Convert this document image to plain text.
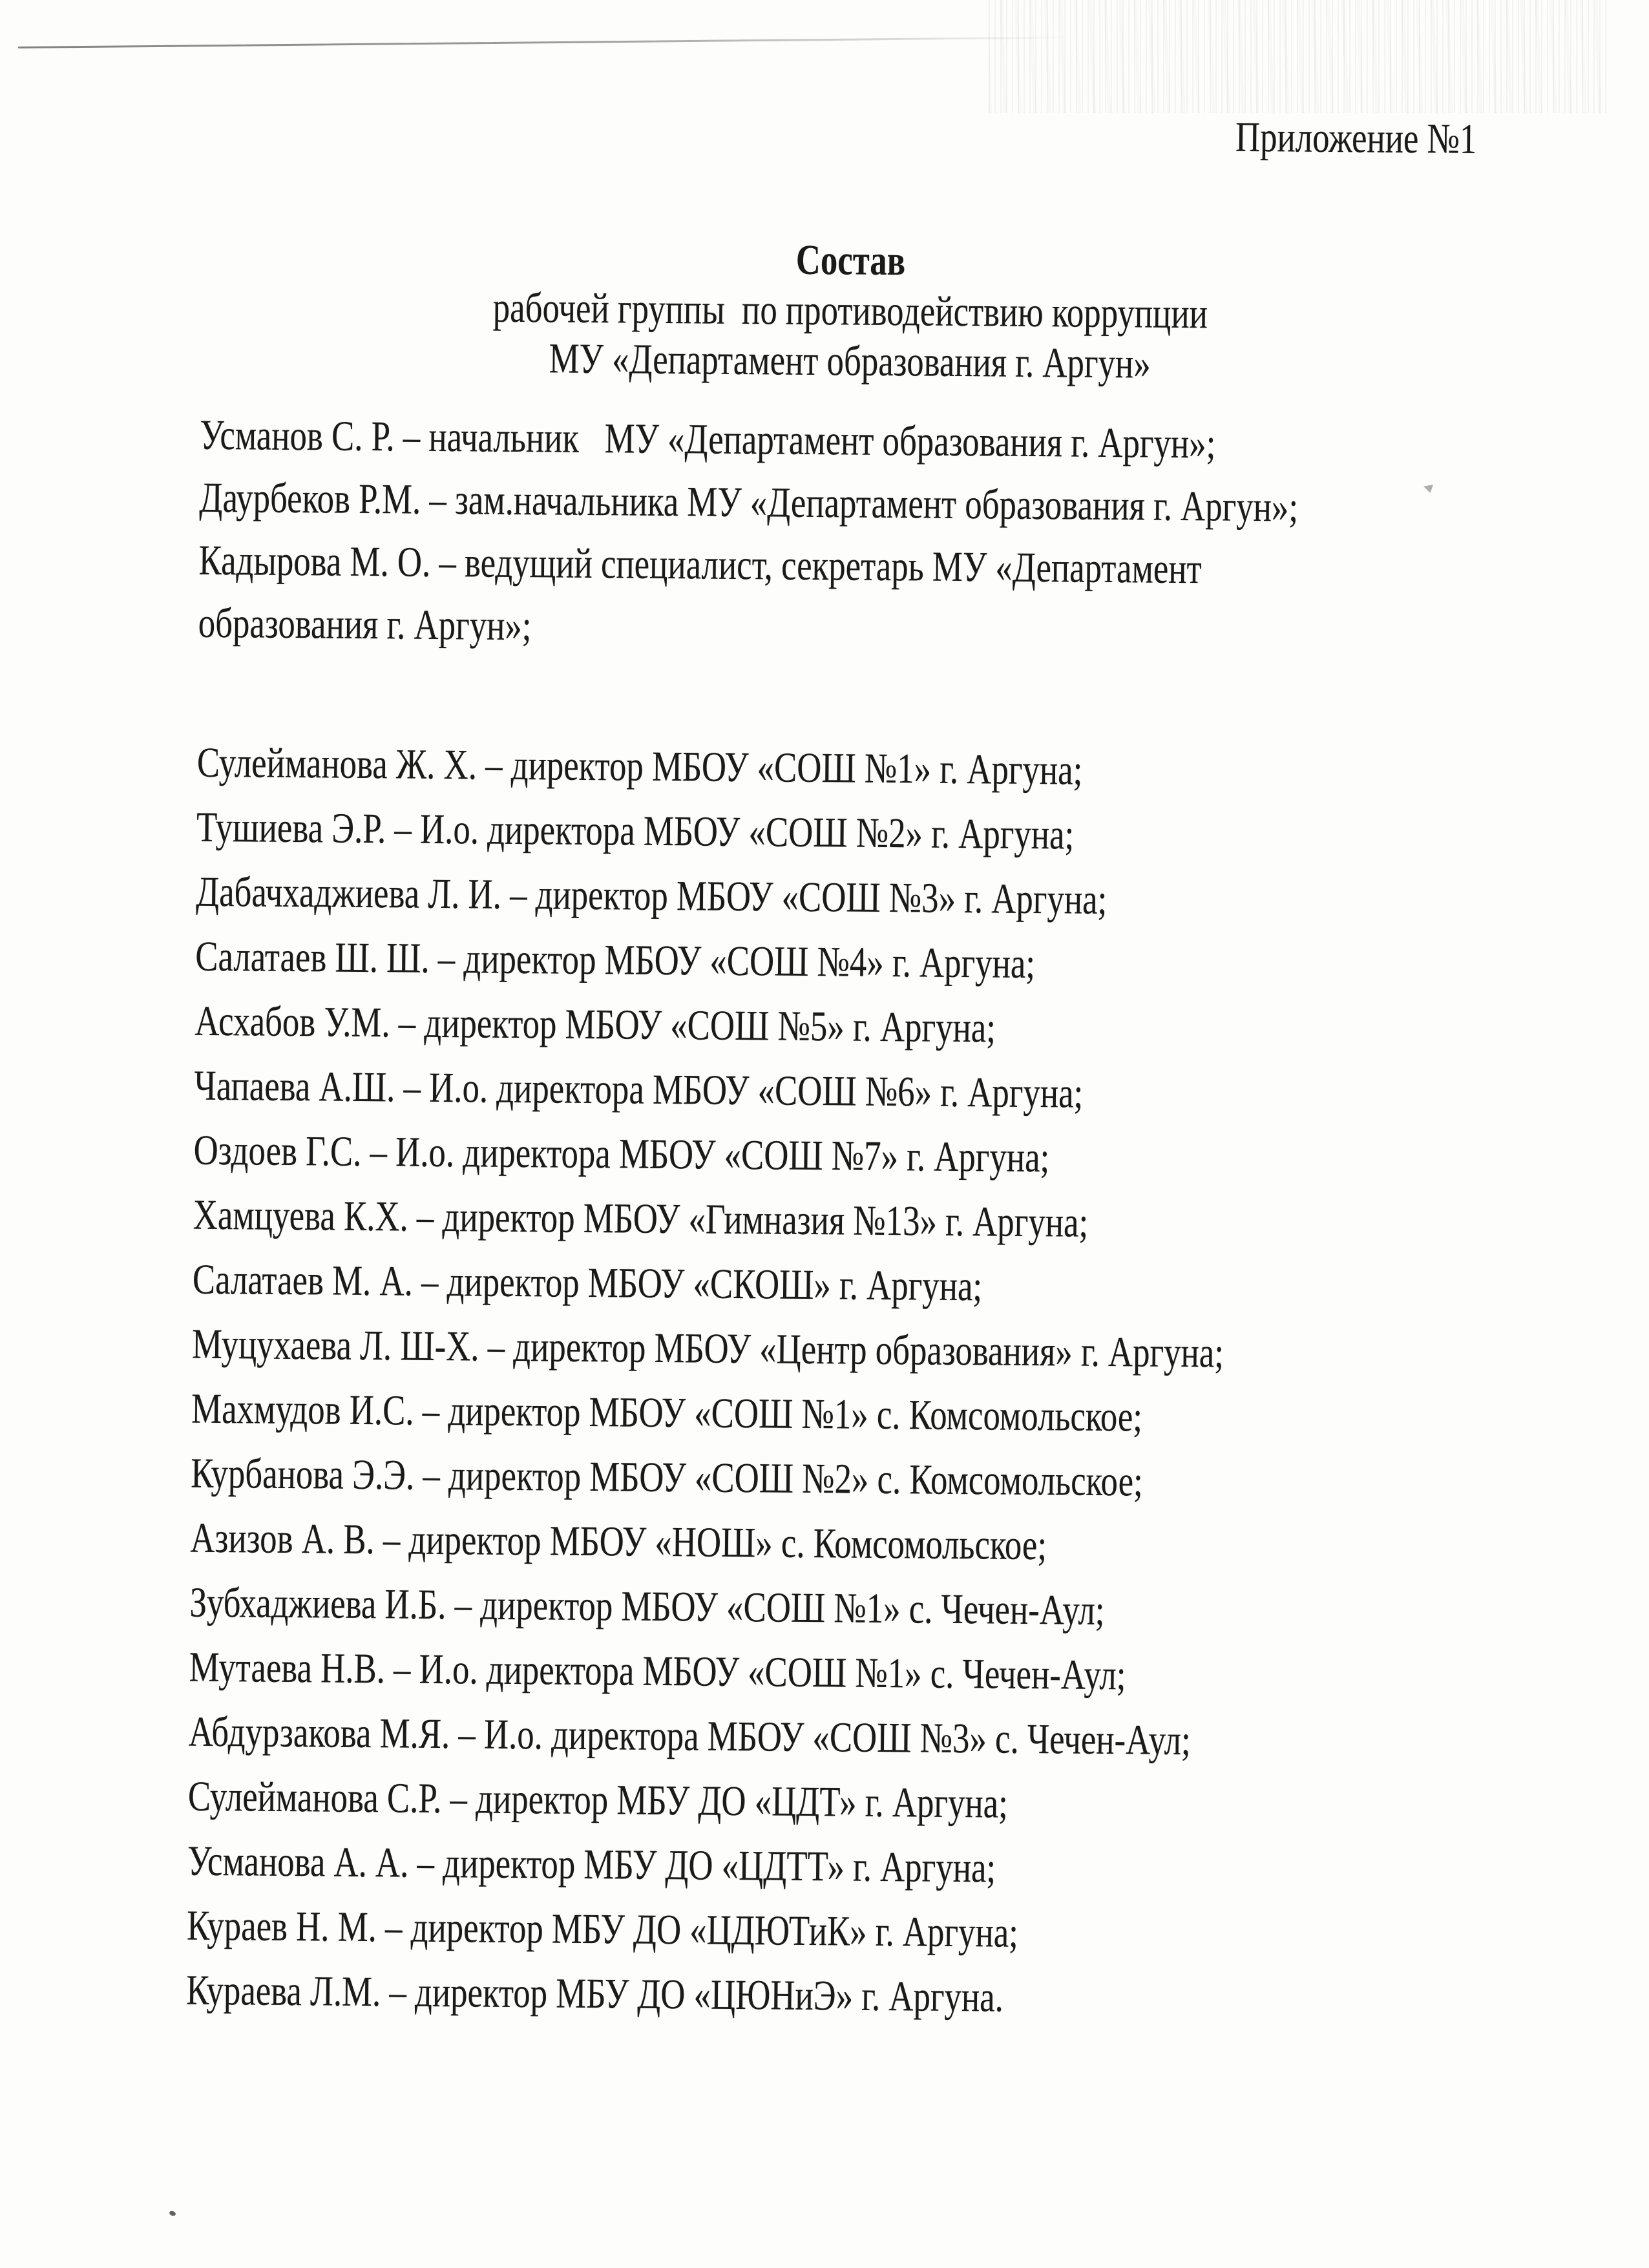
Приложение №1
Состав
рабочей группы  по противодействию коррупции
МУ «Департамент образования г. Аргун»
Усманов С. Р. – начальник   МУ «Департамент образования г. Аргун»;
Даурбеков Р.М. – зам.начальника МУ «Департамент образования г. Аргун»;
Кадырова М. О. – ведущий специалист, секретарь МУ «Департамент
образования г. Аргун»;
Сулейманова Ж. Х. – директор МБОУ «СОШ №1» г. Аргуна;
Тушиева Э.Р. – И.о. директора МБОУ «СОШ №2» г. Аргуна;
Дабачхаджиева Л. И. – директор МБОУ «СОШ №3» г. Аргуна;
Салатаев Ш. Ш. – директор МБОУ «СОШ №4» г. Аргуна;
Асхабов У.М. – директор МБОУ «СОШ №5» г. Аргуна;
Чапаева А.Ш. – И.о. директора МБОУ «СОШ №6» г. Аргуна;
Оздоев Г.С. – И.о. директора МБОУ «СОШ №7» г. Аргуна;
Хамцуева К.Х. – директор МБОУ «Гимназия №13» г. Аргуна;
Салатаев М. А. – директор МБОУ «СКОШ» г. Аргуна;
Муцухаева Л. Ш-Х. – директор МБОУ «Центр образования» г. Аргуна;
Махмудов И.С. – директор МБОУ «СОШ №1» с. Комсомольское;
Курбанова Э.Э. – директор МБОУ «СОШ №2» с. Комсомольское;
Азизов А. В. – директор МБОУ «НОШ» с. Комсомольское;
Зубхаджиева И.Б. – директор МБОУ «СОШ №1» с. Чечен-Аул;
Мутаева Н.В. – И.о. директора МБОУ «СОШ №1» с. Чечен-Аул;
Абдурзакова М.Я. – И.о. директора МБОУ «СОШ №3» с. Чечен-Аул;
Сулейманова С.Р. – директор МБУ ДО «ЦДТ» г. Аргуна;
Усманова А. А. – директор МБУ ДО «ЦДТТ» г. Аргуна;
Кураев Н. М. – директор МБУ ДО «ЦДЮТиК» г. Аргуна;
Кураева Л.М. – директор МБУ ДО «ЦЮНиЭ» г. Аргуна.
